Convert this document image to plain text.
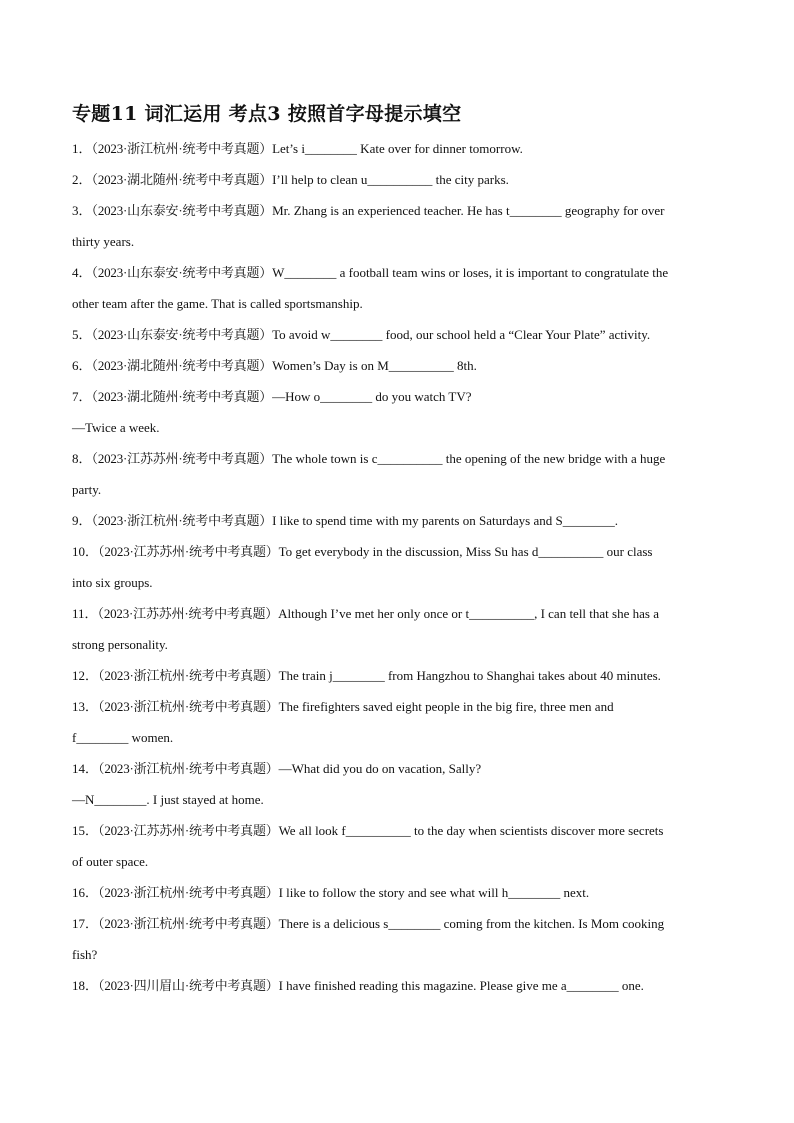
专题11 词汇运用 考点3 按照首字母提示填空
1．（2023·浙江杭州·统考中考真题）Let’s i________ Kate over for dinner tomorrow.
2．（2023·湖北随州·统考中考真题）I’ll help to clean u__________ the city parks.
3．（2023·山东泰安·统考中考真题）Mr. Zhang is an experienced teacher. He has t________ geography for over
thirty years.
4．（2023·山东泰安·统考中考真题）W________ a football team wins or loses, it is important to congratulate the
other team after the game. That is called sportsmanship.
5．（2023·山东泰安·统考中考真题）To avoid w________ food, our school held a “Clear Your Plate” activity.
6．（2023·湖北随州·统考中考真题）Women’s Day is on M__________ 8th.
7．（2023·湖北随州·统考中考真题）—How o________ do you watch TV?
—Twice a week.
8．（2023·江苏苏州·统考中考真题）The whole town is c__________ the opening of the new bridge with a huge
party.
9．（2023·浙江杭州·统考中考真题）I like to spend time with my parents on Saturdays and S________.
10．（2023·江苏苏州·统考中考真题）To get everybody in the discussion, Miss Su has d__________ our class
into six groups.
11．（2023·江苏苏州·统考中考真题）Although I’ve met her only once or t__________, I can tell that she has a
strong personality.
12．（2023·浙江杭州·统考中考真题）The train j________ from Hangzhou to Shanghai takes about 40 minutes.
13．（2023·浙江杭州·统考中考真题）The firefighters saved eight people in the big fire, three men and
f________ women.
14．（2023·浙江杭州·统考中考真题）—What did you do on vacation, Sally?
—N________. I just stayed at home.
15．（2023·江苏苏州·统考中考真题）We all look f__________ to the day when scientists discover more secrets
of outer space.
16．（2023·浙江杭州·统考中考真题）I like to follow the story and see what will h________ next.
17．（2023·浙江杭州·统考中考真题）There is a delicious s________ coming from the kitchen. Is Mom cooking
fish?
18．（2023·四川眉山·统考中考真题）I have finished reading this magazine. Please give me a________ one.
